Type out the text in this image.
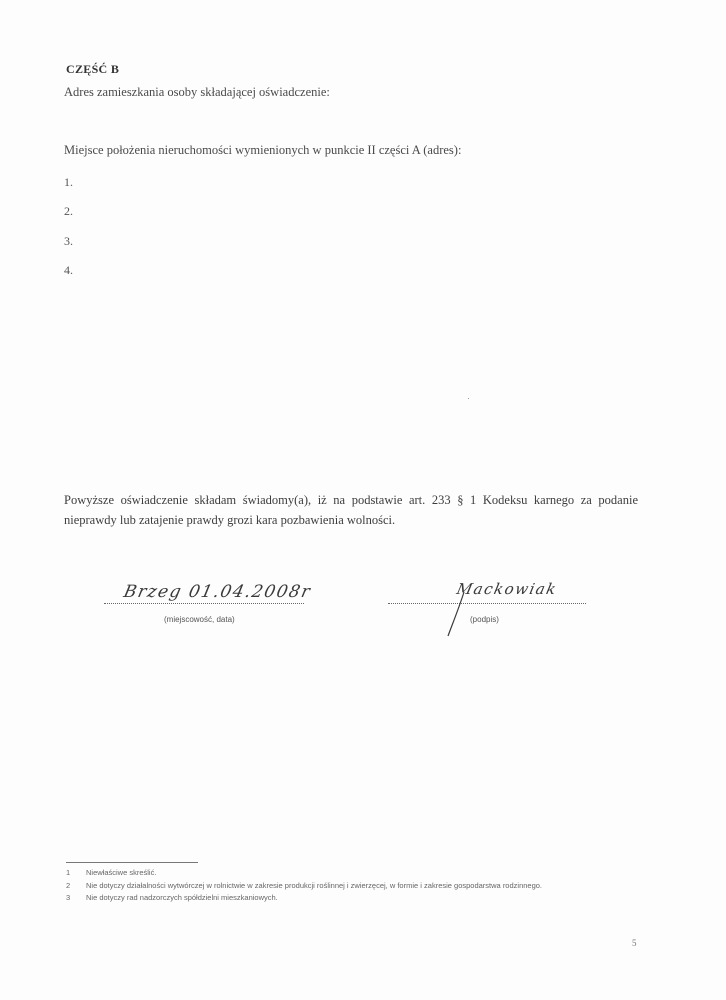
CZĘŚĆ B
Adres zamieszkania osoby składającej oświadczenie:
Miejsce położenia nieruchomości wymienionych w punkcie II części A (adres):
1.
2.
3.
4.
Powyższe oświadczenie składam świadomy(a), iż na podstawie art. 233 § 1 Kodeksu karnego za podanie nieprawdy lub zatajenie prawdy grozi kara pozbawienia wolności.
Brzeg 01.04.2008r
(miejscowość, data)
Mackowiak
(podpis)
1 Niewłaściwe skreślić.
2 Nie dotyczy działalności wytwórczej w rolnictwie w zakresie produkcji roślinnej i zwierzęcej, w formie i zakresie gospodarstwa rodzinnego.
3 Nie dotyczy rad nadzorczych spółdzielni mieszkaniowych.
5
